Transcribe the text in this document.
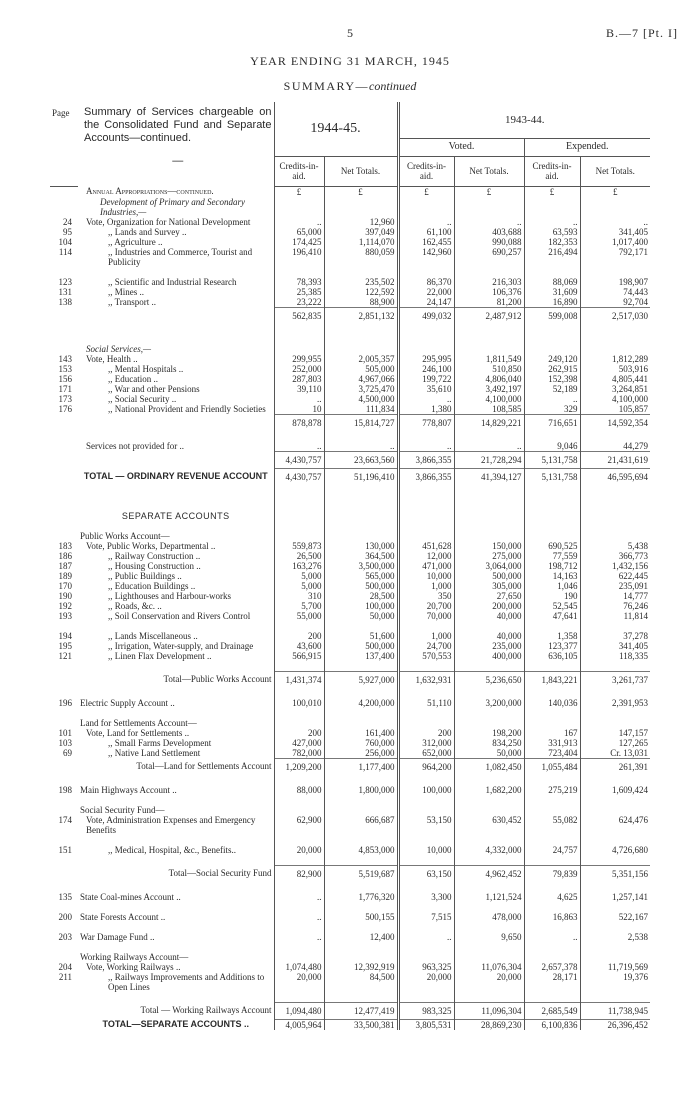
5	B.—7 [Pt. I]
YEAR ENDING 31 MARCH, 1945
SUMMARY—continued
Page	Summary of Services chargeable on the Consolidated Fund and Separate Accounts—continued.
—	1944-45.		1943-44.			
				Voted.		Expended.	
		Credits-in-aid.	Net Totals.	Credits-in-aid.	Net Totals.	Credits-in-aid.	Net Totals.
	Annual Appropriations—continued.	£	£	£	£	£	£
	Development of Primary and Secondary Industries,—						
24	Vote, Organization for National Development	..	12,960	..	..	..	..
95	,, Lands and Survey ..	65,000	397,049	61,100	403,688	63,593	341,405
104	,, Agriculture ..	174,425	1,114,070	162,455	990,088	182,353	1,017,400
114	,, Industries and Commerce, Tourist and Publicity	196,410	880,059	142,960	690,257	216,494	792,171

123	,, Scientific and Industrial Research	78,393	235,502	86,370	216,303	88,069	198,907
131	,, Mines ..	25,385	122,592	22,000	106,376	31,609	74,443
138	,, Transport ..	23,222	88,900	24,147	81,200	16,890	92,704
		562,835	2,851,132	499,032	2,487,912	599,008	2,517,030

	Social Services,—						
143	Vote, Health ..	299,955	2,005,357	295,995	1,811,549	249,120	1,812,289
153	,, Mental Hospitals ..	252,000	505,000	246,100	510,850	262,915	503,916
156	,, Education ..	287,803	4,967,066	199,722	4,806,040	152,398	4,805,441
171	,, War and other Pensions	39,110	3,725,470	35,610	3,492,197	52,189	3,264,851
173	,, Social Security ..	..	4,500,000	..	4,100,000	..	4,100,000
176	,, National Provident and Friendly Societies	10	111,834	1,380	108,585	329	105,857
		878,878	15,814,727	778,807	14,829,221	716,651	14,592,354

	Services not provided for ..	..	..	..	..	9,046	44,279
		4,430,757	23,663,560	3,866,355	21,728,294	5,131,758	21,431,619
	TOTAL — ORDINARY REVENUE ACCOUNT	4,430,757	51,196,410	3,866,355	41,394,127	5,131,758	46,595,694

	SEPARATE ACCOUNTS						

	Public Works Account—						
183	Vote, Public Works, Departmental ..	559,873	130,000	451,628	150,000	690,525	5,438
186	,, Railway Construction ..	26,500	364,500	12,000	275,000	77,559	366,773
187	,, Housing Construction ..	163,276	3,500,000	471,000	3,064,000	198,712	1,432,156
189	,, Public Buildings ..	5,000	565,000	10,000	500,000	14,163	622,445
170	,, Education Buildings ..	5,000	500,000	1,000	305,000	1,046	235,091
190	,, Lighthouses and Harbour-works	310	28,500	350	27,650	190	14,777
192	,, Roads, &c. ..	5,700	100,000	20,700	200,000	52,545	76,246
193	,, Soil Conservation and Rivers Control	55,000	50,000	70,000	40,000	47,641	11,814

194	,, Lands Miscellaneous ..	200	51,600	1,000	40,000	1,358	37,278
195	,, Irrigation, Water-supply, and Drainage	43,600	500,000	24,700	235,000	123,377	341,405
121	,, Linen Flax Development ..	566,915	137,400	570,553	400,000	636,105	118,335

	Total—Public Works Account	1,431,374	5,927,000	1,632,931	5,236,650	1,843,221	3,261,737

196	Electric Supply Account ..	100,010	4,200,000	51,110	3,200,000	140,036	2,391,953

	Land for Settlements Account—						
101	Vote, Land for Settlements ..	200	161,400	200	198,200	167	147,157
103	,, Small Farms Development	427,000	760,000	312,000	834,250	331,913	127,265
69	,, Native Land Settlement	782,000	256,000	652,000	50,000	723,404	Cr. 13,031
	Total—Land for Settlements Account	1,209,200	1,177,400	964,200	1,082,450	1,055,484	261,391

198	Main Highways Account ..	88,000	1,800,000	100,000	1,682,200	275,219	1,609,424

	Social Security Fund—						
174	Vote, Administration Expenses and Emergency Benefits	62,900	666,687	53,150	630,452	55,082	624,476

151	,, Medical, Hospital, &c., Benefits..	20,000	4,853,000	10,000	4,332,000	24,757	4,726,680

	Total—Social Security Fund	82,900	5,519,687	63,150	4,962,452	79,839	5,351,156

135	State Coal-mines Account ..	..	1,776,320	3,300	1,121,524	4,625	1,257,141

200	State Forests Account ..	..	500,155	7,515	478,000	16,863	522,167

203	War Damage Fund ..	..	12,400	..	9,650	..	2,538

	Working Railways Account—						
204	Vote, Working Railways ..	1,074,480	12,392,919	963,325	11,076,304	2,657,378	11,719,569
211	,, Railways Improvements and Additions to Open Lines	20,000	84,500	20,000	20,000	28,171	19,376

	Total — Working Railways Account	1,094,480	12,477,419	983,325	11,096,304	2,685,549	11,738,945
	TOTAL—SEPARATE ACCOUNTS ..	4,005,964	33,500,381	3,805,531	28,869,230	6,100,836	26,396,452
